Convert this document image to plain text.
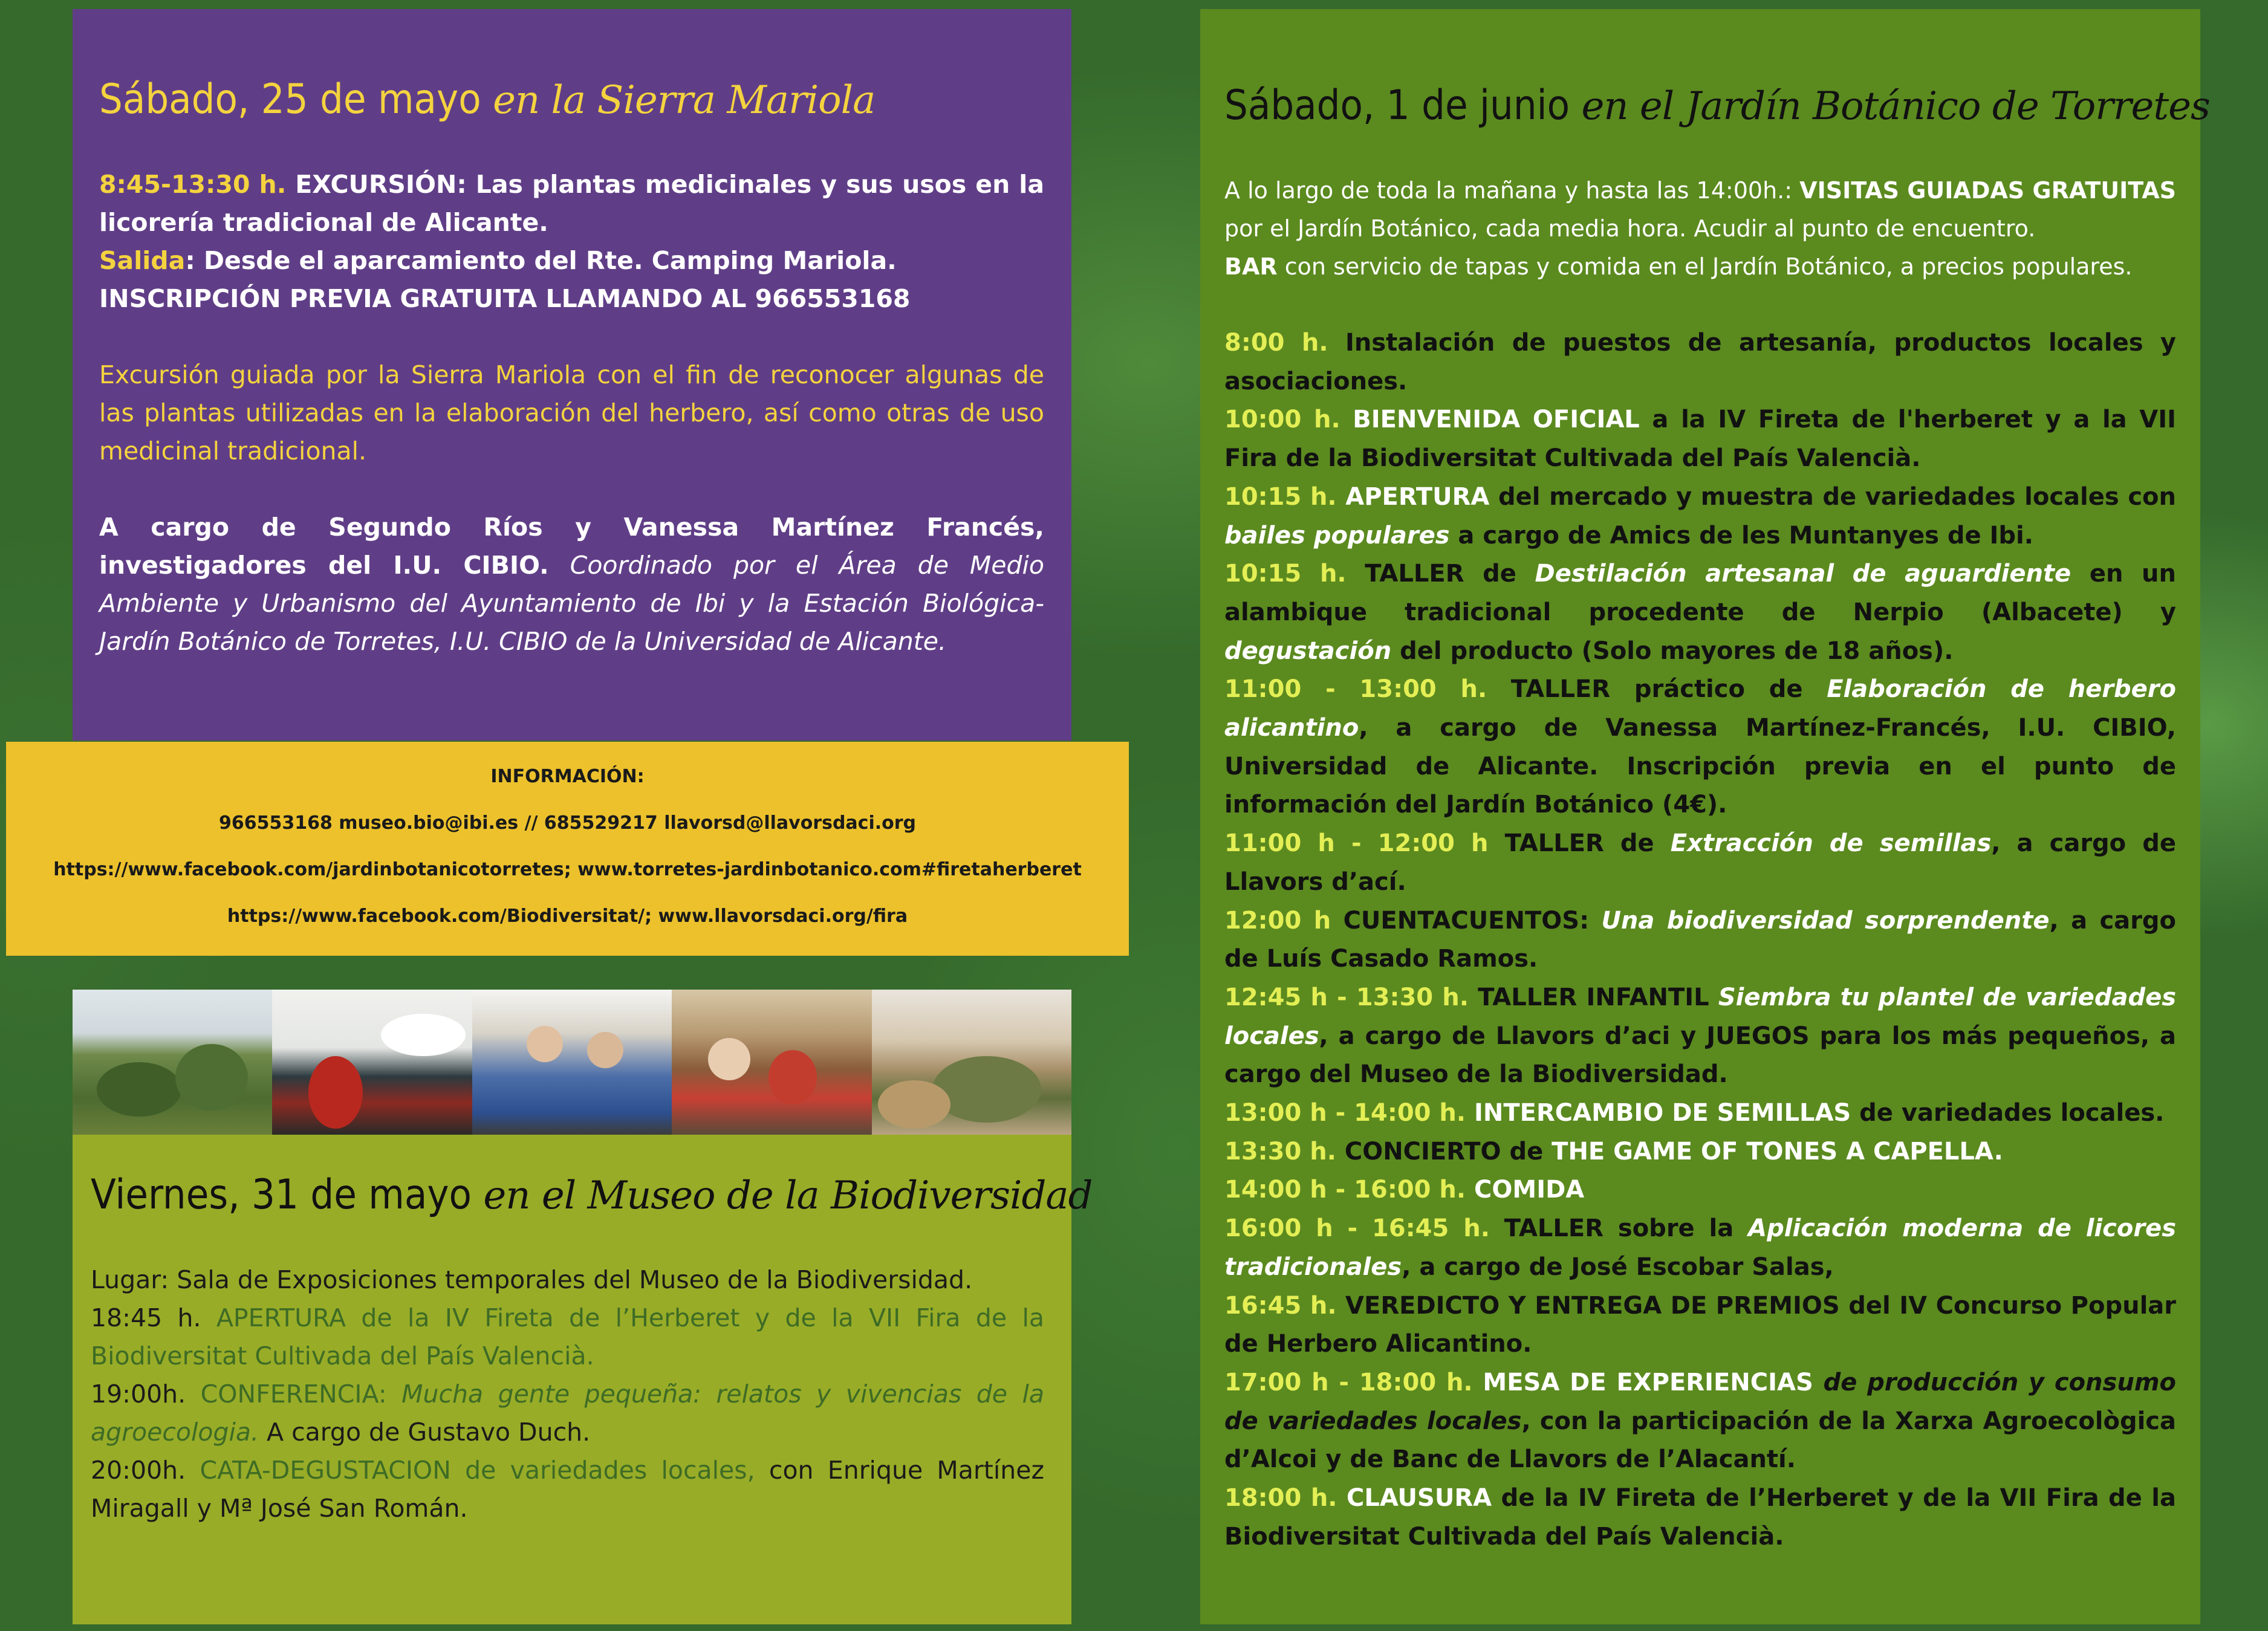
Sábado, 25 de mayo en la Sierra Mariola

8:45-13:30 h. EXCURSIÓN: Las plantas medicinales y sus usos en la licorería tradicional de Alicante.

Salida: Desde el aparcamiento del Rte. Camping Mariola.

INSCRIPCIÓN PREVIA GRATUITA LLAMANDO AL 966553168

Excursión guiada por la Sierra Mariola con el fin de reconocer algunas de las plantas utilizadas en la elaboración del herbero, así como otras de uso medicinal tradicional.
A cargo de Segundo Ríos y Vanessa Martínez Francés, investigadores del I.U. CIBIO. Coordinado por el Área de Medio Ambiente y Urbanismo del Ayuntamiento de Ibi y la Estación Biológica-Jardín Botánico de Torretes, I.U. CIBIO de la Universidad de Alicante.
INFORMACIÓN:
966553168 museo.bio@ibi.es // 685529217 llavorsd@llavorsdaci.org
https://www.facebook.com/jardinbotanicotorretes; www.torretes-jardinbotanico.com#firetaherberet
https://www.facebook.com/Biodiversitat/; www.llavorsdaci.org/fira
Viernes, 31 de mayo en el Museo de la Biodiversidad

Lugar: Sala de Exposiciones temporales del Museo de la Biodiversidad.

18:45 h. APERTURA de la IV Fireta de l’Herberet y de la VII Fira de la Biodiversitat Cultivada del País Valencià.

19:00h. CONFERENCIA: Mucha gente pequeña: relatos y vivencias de la agroecologia. A cargo de Gustavo Duch.

20:00h. CATA-DEGUSTACION de variedades locales, con Enrique Martínez Miragall y Mª José San Román.

Sábado, 1 de junio en el Jardín Botánico de Torretes

A lo largo de toda la mañana y hasta las 14:00h.: VISITAS GUIADAS GRATUITAS por el Jardín Botánico, cada media hora. Acudir al punto de encuentro.

BAR con servicio de tapas y comida en el Jardín Botánico, a precios populares.

8:00 h. Instalación de puestos de artesanía, productos locales y asociaciones.

10:00 h. BIENVENIDA OFICIAL a la IV Fireta de l'herberet y a la VII Fira de la Biodiversitat Cultivada del País Valencià.

10:15 h. APERTURA del mercado y muestra de variedades locales con bailes populares a cargo de Amics de les Muntanyes de Ibi.

10:15 h. TALLER de Destilación artesanal de aguardiente en un alambique tradicional procedente de Nerpio (Albacete) y degustación del producto (Solo mayores de 18 años).

11:00 - 13:00 h. TALLER práctico de Elaboración de herbero alicantino, a cargo de Vanessa Martínez-Francés, I.U. CIBIO, Universidad de Alicante. Inscripción previa en el punto de información del Jardín Botánico (4€).

11:00 h - 12:00 h TALLER de Extracción de semillas, a cargo de Llavors d’ací.

12:00 h CUENTACUENTOS: Una biodiversidad sorprendente, a cargo de Luís Casado Ramos.

12:45 h - 13:30 h. TALLER INFANTIL Siembra tu plantel de variedades locales, a cargo de Llavors d’aci y JUEGOS para los más pequeños, a cargo del Museo de la Biodiversidad.

13:00 h - 14:00 h. INTERCAMBIO DE SEMILLAS de variedades locales.

13:30 h. CONCIERTO de THE GAME OF TONES A CAPELLA.

14:00 h - 16:00 h. COMIDA

16:00 h - 16:45 h. TALLER sobre la Aplicación moderna de licores tradicionales, a cargo de José Escobar Salas,

16:45 h. VEREDICTO Y ENTREGA DE PREMIOS del IV Concurso Popular de Herbero Alicantino.

17:00 h - 18:00 h. MESA DE EXPERIENCIAS de producción y consumo de variedades locales, con la participación de la Xarxa Agroecològica d’Alcoi y de Banc de Llavors de l’Alacantí.

18:00 h. CLAUSURA de la IV Fireta de l’Herberet y de la VII Fira de la Biodiversitat Cultivada del País Valencià.
